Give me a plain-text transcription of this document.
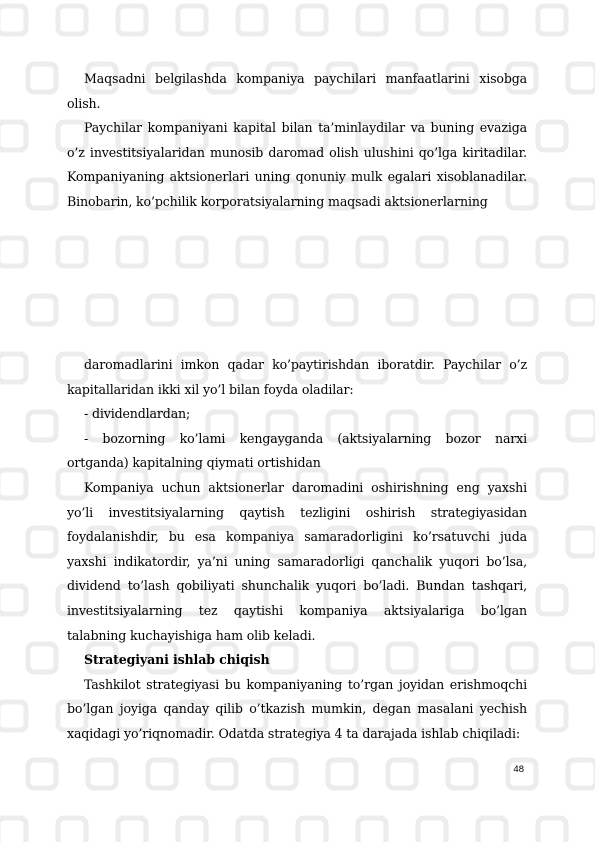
Maqsadni belgilashda kompaniya paychilari manfaatlarini xisobga olish.

Paychilar kompaniyani kapital bilan ta’minlaydilar va buning evaziga o’z investitsiyalaridan munosib daromad olish ulushini qo’lga kiritadilar. Kompaniyaning aktsionerlari uning qonuniy mulk egalari xisoblanadilar. Binobarin, ko’pchilik korporatsiyalarning maqsadi aktsionerlarning

daromadlarini imkon qadar ko’paytirishdan iboratdir. Paychilar o’z kapitallaridan ikki xil yo’l bilan foyda oladilar:

- dividendlardan;

- bozorning ko’lami kengayganda (aktsiyalarning bozor narxi ortganda) kapitalning qiymati ortishidan

Kompaniya uchun aktsionerlar daromadini oshirishning eng yaxshi yo’li investitsiyalarning qaytish tezligini oshirish strategiyasidan foydalanishdir, bu esa kompaniya samaradorligini ko’rsatuvchi juda yaxshi indikatordir, ya’ni uning samaradorligi qanchalik yuqori bo’lsa, dividend to’lash qobiliyati shunchalik yuqori bo’ladi. Bundan tashqari, investitsiyalarning tez qaytishi kompaniya aktsiyalariga bo’lgan talabning kuchayishiga ham olib keladi.

Strategiyani ishlab chiqish

Tashkilot strategiyasi bu kompaniyaning to’rgan joyidan erishmoqchi bo’lgan joyiga qanday qilib o’tkazish mumkin, degan masalani yechish xaqidagi yo’riqnomadir. Odatda strategiya 4 ta darajada ishlab chiqiladi:

48
